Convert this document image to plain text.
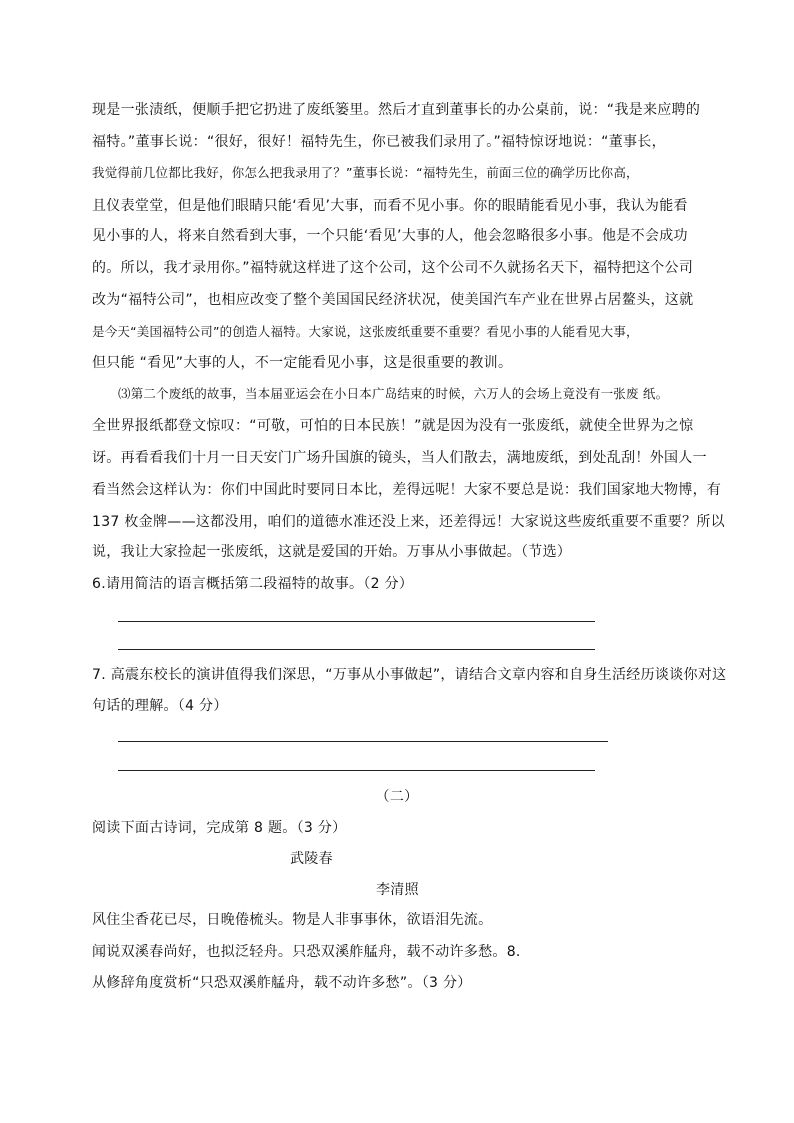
现是一张渍纸，便顺手把它扔进了废纸篓里。然后才直到董事长的办公桌前，说：“我是来应聘的
福特。”董事长说：“很好，很好！福特先生，你已被我们录用了。”福特惊讶地说：“董事长，
我觉得前几位都比我好，你怎么把我录用了？”董事长说：“福特先生，前面三位的确学历比你高，
且仪表堂堂，但是他们眼睛只能‘看见’大事，而看不见小事。你的眼睛能看见小事，我认为能看
见小事的人，将来自然看到大事，一个只能‘看见’大事的人，他会忽略很多小事。他是不会成功
的。所以，我才录用你。”福特就这样进了这个公司，这个公司不久就扬名天下，福特把这个公司
改为“福特公司”，也相应改变了整个美国国民经济状况，使美国汽车产业在世界占居鳌头，这就
是今天“美国福特公司”的创造人福特。大家说，这张废纸重要不重要？看见小事的人能看见大事，
但只能 “看见”大事的人，不一定能看见小事，这是很重要的教训。
⑶第二个废纸的故事，当本届亚运会在小日本广岛结束的时候，六万人的会场上竟没有一张废 纸。
全世界报纸都登文惊叹：“可敬，可怕的日本民族！”就是因为没有一张废纸，就使全世界为之惊
讶。再看看我们十月一日天安门广场升国旗的镜头，当人们散去，满地废纸，到处乱刮！外国人一
看当然会这样认为：你们中国此时要同日本比，差得远呢！大家不要总是说：我们国家地大物博，有
137 枚金牌——这都没用，咱们的道德水准还没上来，还差得远！大家说这些废纸重要不重要？所以
说，我让大家捡起一张废纸，这就是爱国的开始。万事从小事做起。（节选）
6.请用简洁的语言概括第二段福特的故事。（2 分）
7. 高震东校长的演讲值得我们深思，“万事从小事做起”，请结合文章内容和自身生活经历谈谈你对这
句话的理解。（4 分）
（二）
阅读下面古诗词，完成第 8 题。（3 分）
武陵春
李清照
风住尘香花已尽，日晚倦梳头。物是人非事事休，欲语泪先流。
闻说双溪春尚好，也拟泛轻舟。只恐双溪舴艋舟，载不动许多愁。8.
从修辞角度赏析“只恐双溪舴艋舟，载不动许多愁”。（3 分）
